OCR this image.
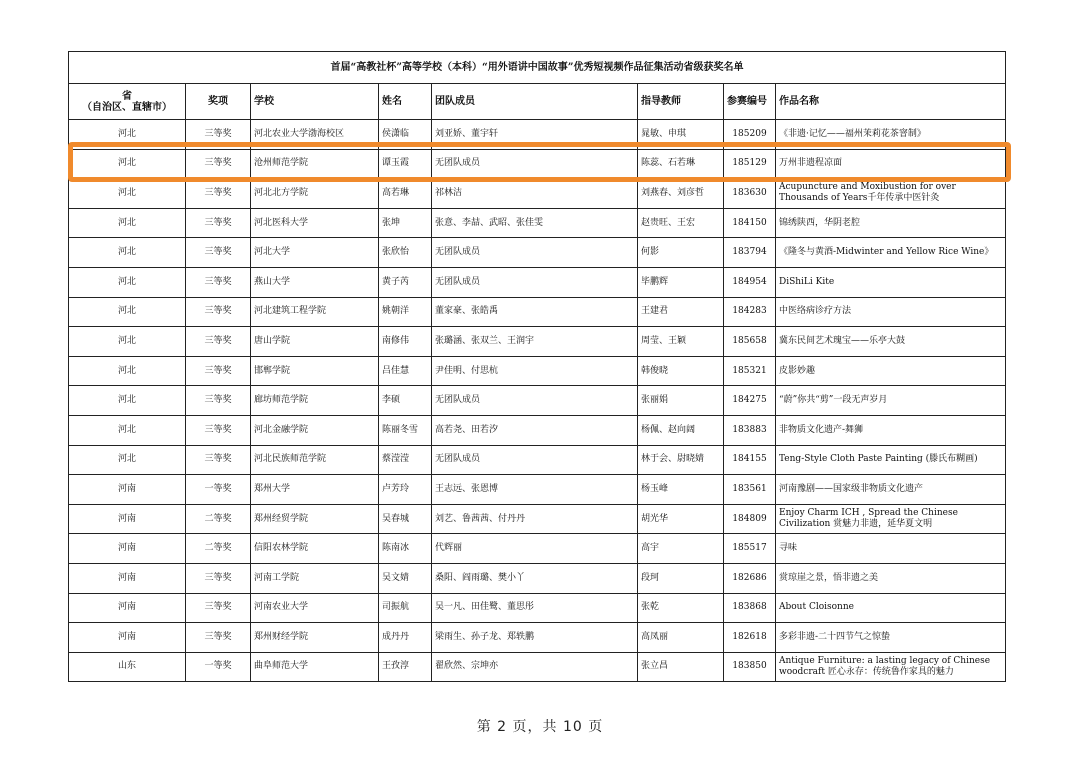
首届“高教社杯”高等学校（本科）“用外语讲中国故事”优秀短视频作品征集活动省级获奖名单							

省
（自治区、直辖市）	奖项	学校	姓名	团队成员	指导教师	参赛编号	作品名称
河北	三等奖	河北农业大学渤海校区	侯潇临	刘亚娇、董宇轩	晁敏、申琪	185209	《非遗·记忆——福州茉莉花茶窨制》
河北	三等奖	沧州师范学院	谭玉霞	无团队成员	陈蕊、石若琳	185129	万州非遗程凉面
河北	三等奖	河北北方学院	高若琳	祁林洁	刘燕春、刘彦哲	183630	Acupuncture and Moxibustion for over Thousands of Years千年传承中医针灸
河北	三等奖	河北医科大学	张坤	张意、李喆、武昭、张佳雯	赵贵旺、王宏	184150	锦绣陕西，华阴老腔
河北	三等奖	河北大学	张欣怡	无团队成员	何影	183794	《隆冬与黄酒-Midwinter and Yellow Rice Wine》
河北	三等奖	燕山大学	黄子芮	无团队成员	毕鹏辉	184954	DiShiLi Kite
河北	三等奖	河北建筑工程学院	姚朝洋	董家豪、张皓禹	王建君	184283	中医络病诊疗方法
河北	三等奖	唐山学院	南修伟	张璐涵、张双兰、王润宇	周莹、王颖	185658	冀东民间艺术瑰宝——乐亭大鼓
河北	三等奖	邯郸学院	吕佳慧	尹佳明、付思杭	韩俊晓	185321	皮影妙趣
河北	三等奖	廊坊师范学院	李硕	无团队成员	张丽娟	184275	“蔚”你共“剪”一段无声岁月
河北	三等奖	河北金融学院	陈丽冬雪	高若尧、田若汐	杨佩、赵向阔	183883	非物质文化遗产-舞狮
河北	三等奖	河北民族师范学院	蔡滢滢	无团队成员	林于会、尉晓婧	184155	Teng-Style Cloth Paste Painting (滕氏布糊画)
河南	一等奖	郑州大学	卢芳玲	王志远、张恩博	杨玉峰	183561	河南豫剧——国家级非物质文化遗产
河南	二等奖	郑州经贸学院	吴春城	刘艺、鲁茜茜、付丹丹	胡光华	184809	Enjoy Charm ICH , Spread the Chinese Civilization 赏魅力非遗，延华夏文明
河南	二等奖	信阳农林学院	陈南冰	代辉丽	高宇	185517	寻味
河南	三等奖	河南工学院	吴文婧	桑阳、阎雨璐、樊小丫	段珂	182686	赏琼崖之景，悟非遗之美
河南	三等奖	河南农业大学	司振航	吴一凡、田佳鹭、董思彤	张乾	183868	About Cloisonne
河南	三等奖	郑州财经学院	成丹丹	梁雨生、孙子龙、郑轶鹏	高凤丽	182618	多彩非遗-二十四节气之惊蛰
山东	一等奖	曲阜师范大学	王孜淳	翟欣然、宗坤亦	张立昌	183850	Antique Furniture: a lasting legacy of Chinese woodcraft 匠心永存：传统鲁作家具的魅力
第 2 页，共 10 页
